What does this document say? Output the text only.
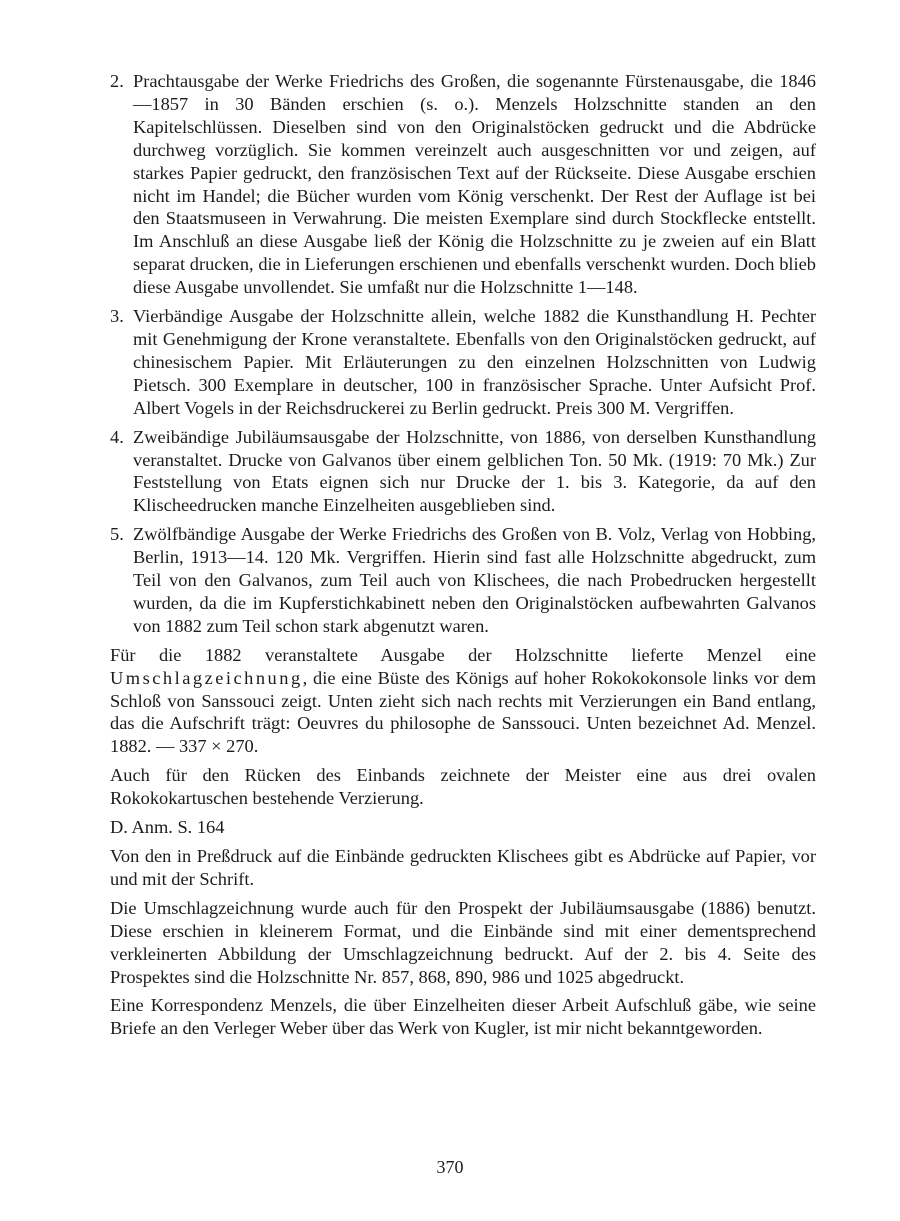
2. Prachtausgabe der Werke Friedrichs des Großen, die sogenannte Fürstenausgabe, die 1846—1857 in 30 Bänden erschien (s. o.). Menzels Holzschnitte standen an den Kapitelschlüssen. Dieselben sind von den Originalstöcken gedruckt und die Abdrücke durchweg vorzüglich. Sie kommen vereinzelt auch ausgeschnitten vor und zeigen, auf starkes Papier gedruckt, den französischen Text auf der Rückseite. Diese Ausgabe erschien nicht im Handel; die Bücher wurden vom König verschenkt. Der Rest der Auflage ist bei den Staatsmuseen in Verwahrung. Die meisten Exemplare sind durch Stockflecke entstellt. Im Anschluß an diese Ausgabe ließ der König die Holzschnitte zu je zweien auf ein Blatt separat drucken, die in Lieferungen erschienen und ebenfalls verschenkt wurden. Doch blieb diese Ausgabe unvollendet. Sie umfaßt nur die Holzschnitte 1—148.
3. Vierbändige Ausgabe der Holzschnitte allein, welche 1882 die Kunsthandlung H. Pechter mit Genehmigung der Krone veranstaltete. Ebenfalls von den Originalstöcken gedruckt, auf chinesischem Papier. Mit Erläuterungen zu den einzelnen Holzschnitten von Ludwig Pietsch. 300 Exemplare in deutscher, 100 in französischer Sprache. Unter Aufsicht Prof. Albert Vogels in der Reichsdruckerei zu Berlin gedruckt. Preis 300 M. Vergriffen.
4. Zweibändige Jubiläumsausgabe der Holzschnitte, von 1886, von derselben Kunsthandlung veranstaltet. Drucke von Galvanos über einem gelblichen Ton. 50 Mk. (1919: 70 Mk.) Zur Feststellung von Etats eignen sich nur Drucke der 1. bis 3. Kategorie, da auf den Klischeedrucken manche Einzelheiten ausgeblieben sind.
5. Zwölfbändige Ausgabe der Werke Friedrichs des Großen von B. Volz, Verlag von Hobbing, Berlin, 1913—14. 120 Mk. Vergriffen. Hierin sind fast alle Holzschnitte abgedruckt, zum Teil von den Galvanos, zum Teil auch von Klischees, die nach Probedrucken hergestellt wurden, da die im Kupferstichkabinett neben den Originalstöcken aufbewahrten Galvanos von 1882 zum Teil schon stark abgenutzt waren.

Für die 1882 veranstaltete Ausgabe der Holzschnitte lieferte Menzel eine Umschlagzeichnung, die eine Büste des Königs auf hoher Rokokokonsole links vor dem Schloß von Sanssouci zeigt. Unten zieht sich nach rechts mit Verzierungen ein Band entlang, das die Aufschrift trägt: Oeuvres du philosophe de Sanssouci. Unten bezeichnet Ad. Menzel. 1882. — 337 × 270.

Auch für den Rücken des Einbands zeichnete der Meister eine aus drei ovalen Rokokokartuschen bestehende Verzierung.

D. Anm. S. 164

Von den in Preßdruck auf die Einbände gedruckten Klischees gibt es Abdrücke auf Papier, vor und mit der Schrift.

Die Umschlagzeichnung wurde auch für den Prospekt der Jubiläumsausgabe (1886) benutzt. Diese erschien in kleinerem Format, und die Einbände sind mit einer dementsprechend verkleinerten Abbildung der Umschlagzeichnung bedruckt. Auf der 2. bis 4. Seite des Prospektes sind die Holzschnitte Nr. 857, 868, 890, 986 und 1025 abgedruckt.

Eine Korrespondenz Menzels, die über Einzelheiten dieser Arbeit Aufschluß gäbe, wie seine Briefe an den Verleger Weber über das Werk von Kugler, ist mir nicht bekanntgeworden.

370
